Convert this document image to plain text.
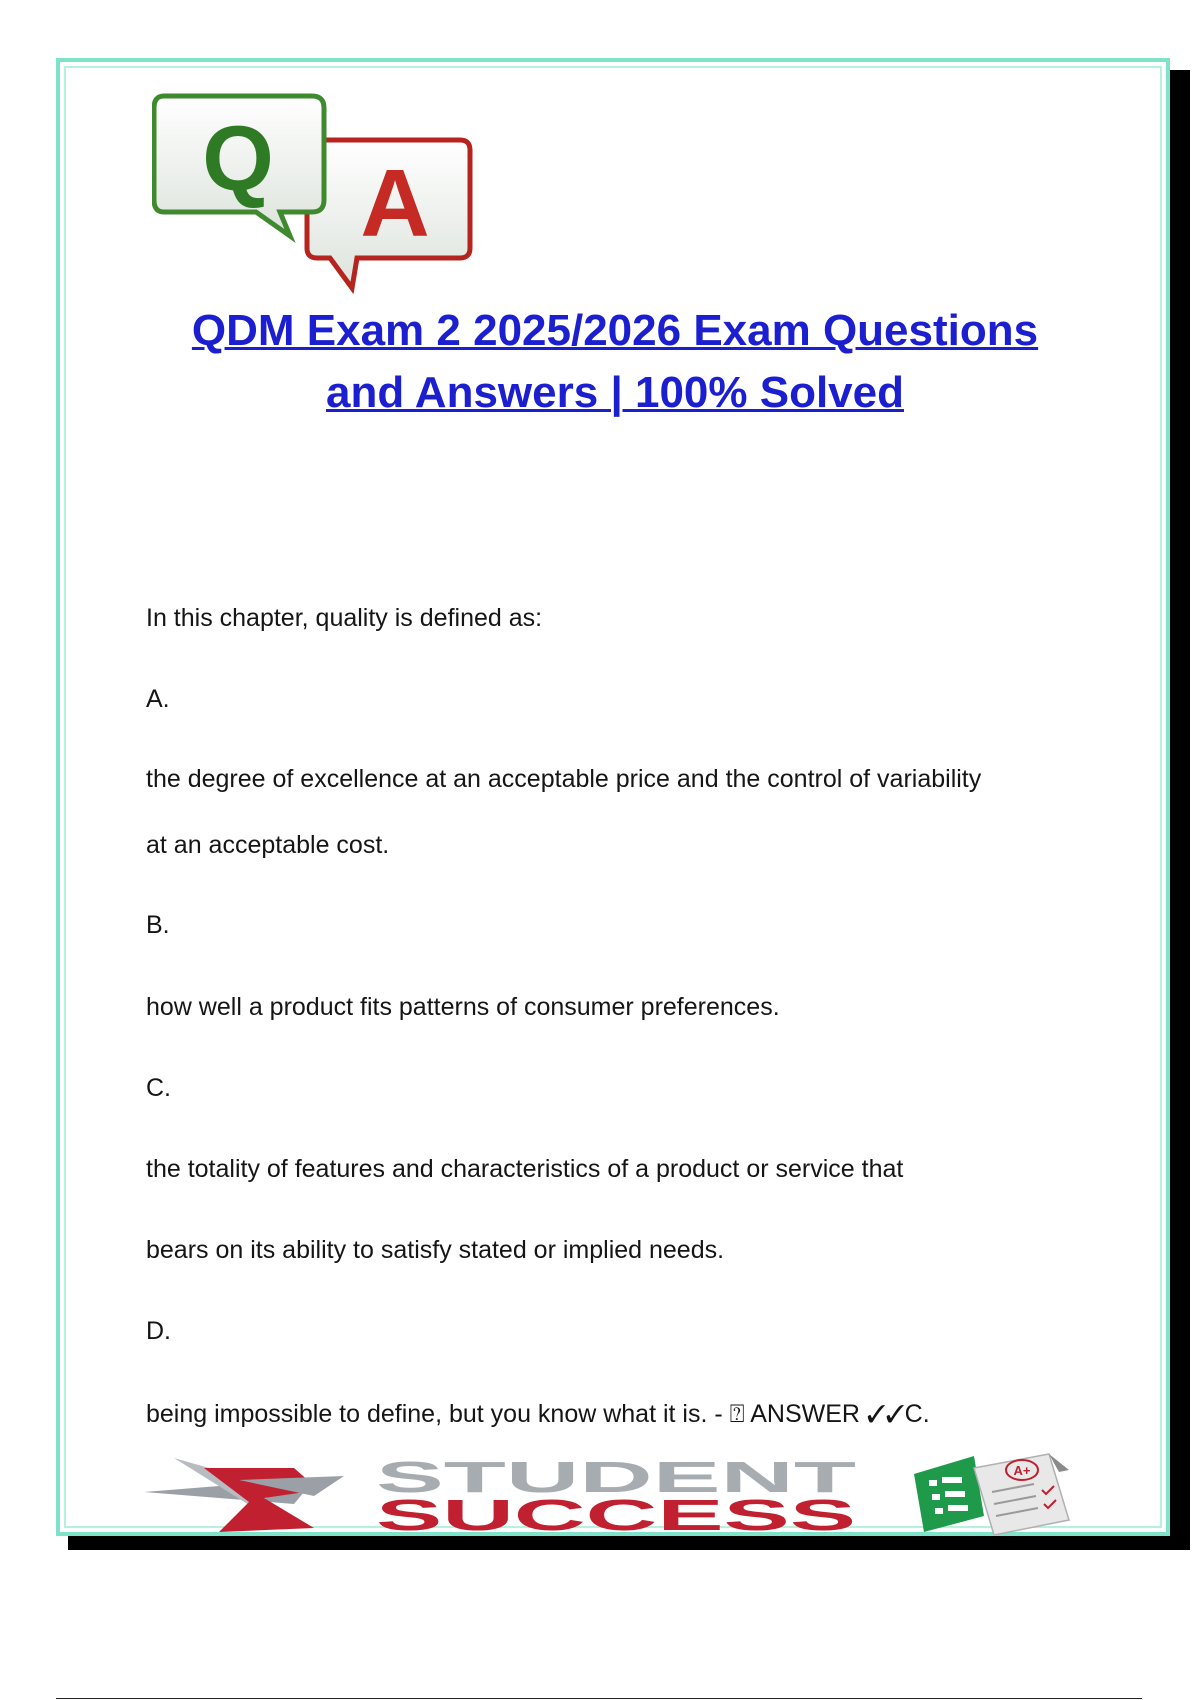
A
Q
QDM Exam 2 2025/2026 Exam Questions
and Answers | 100% Solved

In this chapter, quality is defined as:

A.

the degree of excellence at an acceptable price and the control of variability

at an acceptable cost.

B.

how well a product fits patterns of consumer preferences.

C.

the totality of features and characteristics of a product or service that

bears on its ability to satisfy stated or implied needs.

D.

being impossible to define, but you know what it is. - ⍰ ANSWER ✓✓C.

STUDENT
SUCCESS
A+
